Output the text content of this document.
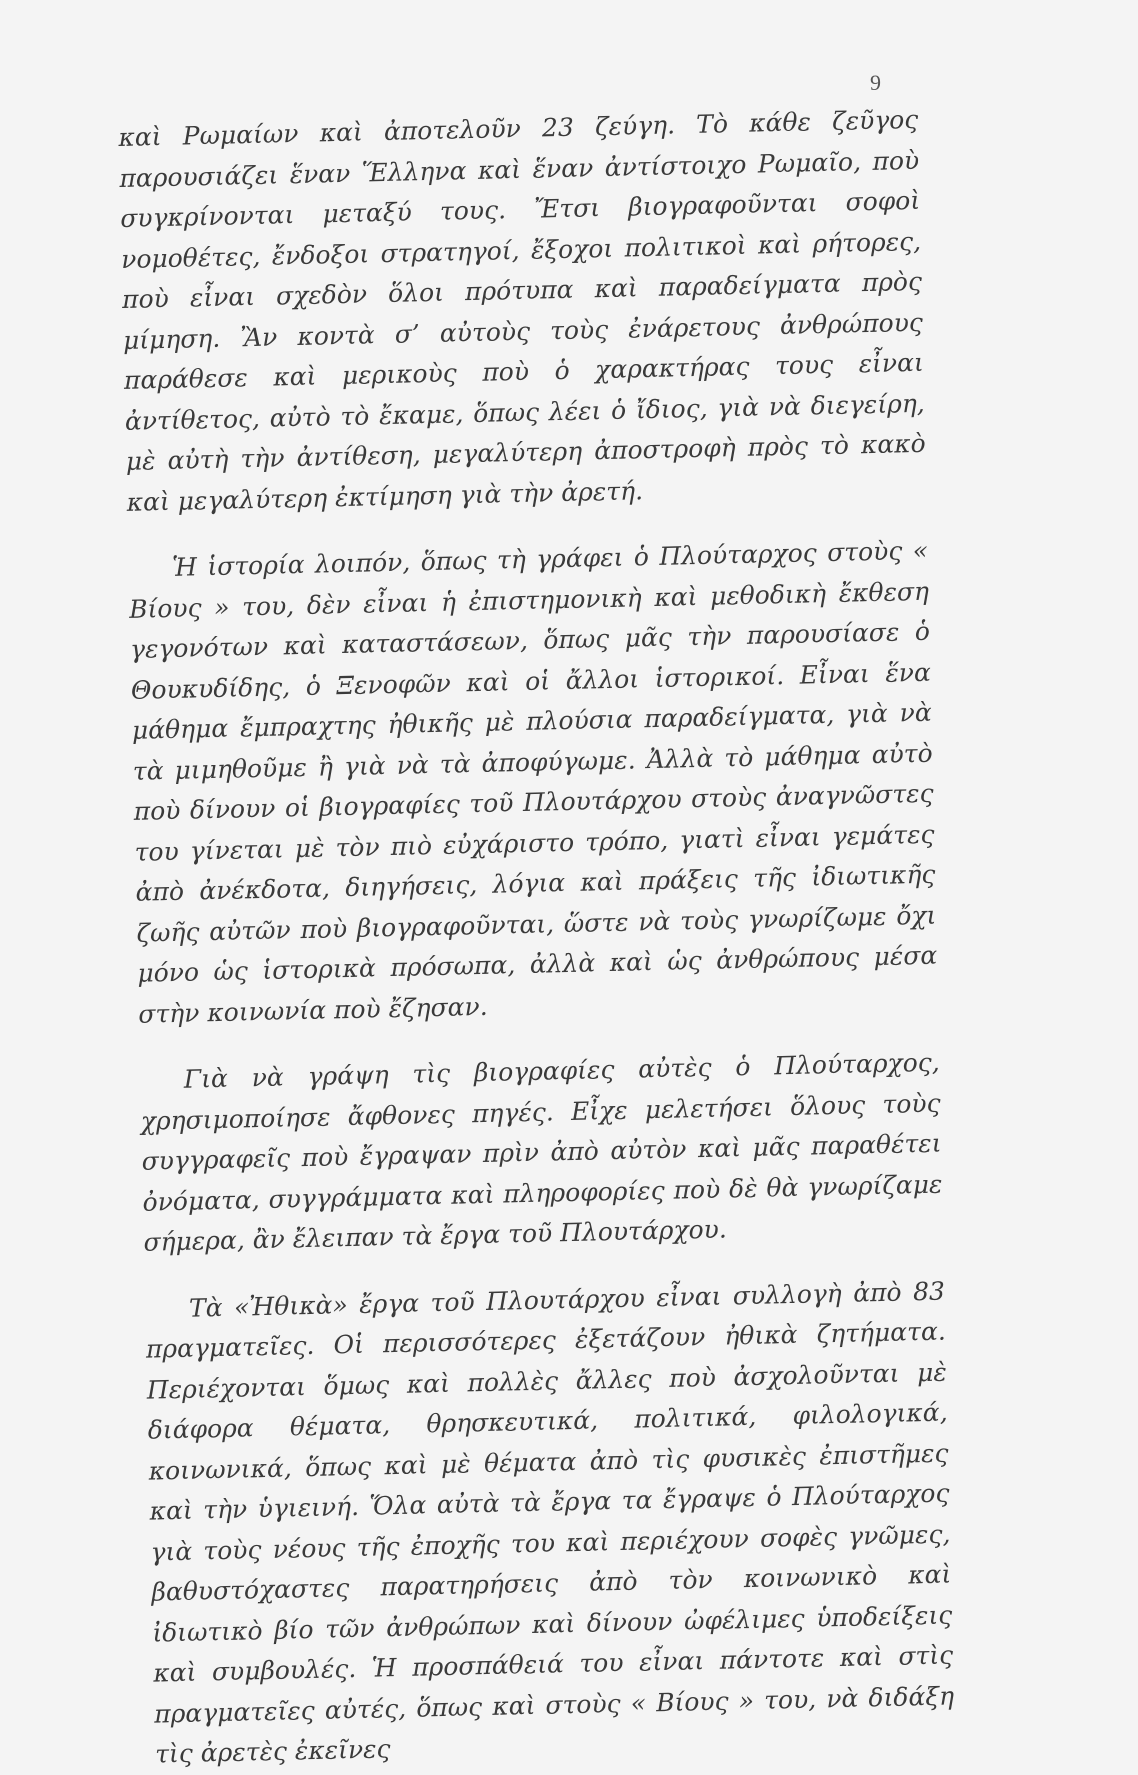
9

καὶ Ρωμαίων καὶ ἀποτελοῦν 23 ζεύγη. Τὸ κάθε ζεῦγος παρουσιάζει ἕναν Ἕλληνα καὶ ἕναν ἀντίστοιχο Ρωμαῖο, ποὺ συγκρίνονται μεταξύ τους. Ἔτσι βιογραφοῦνται σοφοὶ νομοθέτες, ἔνδοξοι στρατηγοί, ἔξοχοι πολιτικοὶ καὶ ρήτορες, ποὺ εἶναι σχεδὸν ὅλοι πρότυπα καὶ παραδείγματα πρὸς μίμηση. Ἂν κοντὰ σ’ αὐτοὺς τοὺς ἐνάρετους ἀνθρώπους παράθεσε καὶ μερικοὺς ποὺ ὁ χαρακτήρας τους εἶναι ἀντίθετος, αὐτὸ τὸ ἔκαμε, ὅπως λέει ὁ ἴδιος, γιὰ νὰ διεγείρη, μὲ αὐτὴ τὴν ἀντίθεση, μεγαλύτερη ἀποστροφὴ πρὸς τὸ κακὸ καὶ μεγαλύτερη ἐκτίμηση γιὰ τὴν ἀρετή.

Ἡ ἱστορία λοιπόν, ὅπως τὴ γράφει ὁ Πλούταρχος στοὺς « Βίους » του, δὲν εἶναι ἡ ἐπιστημονικὴ καὶ μεθοδικὴ ἔκθεση γεγονότων καὶ καταστάσεων, ὅπως μᾶς τὴν παρουσίασε ὁ Θουκυδίδης, ὁ Ξενοφῶν καὶ οἱ ἄλλοι ἱστορικοί. Εἶναι ἕνα μάθημα ἔμπραχτης ἠθικῆς μὲ πλούσια παραδείγματα, γιὰ νὰ τὰ μιμηθοῦμε ἢ γιὰ νὰ τὰ ἀποφύγωμε. Ἀλλὰ τὸ μάθημα αὐτὸ ποὺ δίνουν οἱ βιογραφίες τοῦ Πλουτάρχου στοὺς ἀναγνῶστες του γίνεται μὲ τὸν πιὸ εὐχάριστο τρόπο, γιατὶ εἶναι γεμάτες ἀπὸ ἀνέκδοτα, διηγήσεις, λόγια καὶ πράξεις τῆς ἰδιωτικῆς ζωῆς αὐτῶν ποὺ βιογραφοῦνται, ὥστε νὰ τοὺς γνωρίζωμε ὄχι μόνο ὡς ἱστορικὰ πρόσωπα, ἀλλὰ καὶ ὡς ἀνθρώπους μέσα στὴν κοινωνία ποὺ ἔζησαν.

Γιὰ νὰ γράψη τὶς βιογραφίες αὐτὲς ὁ Πλούταρχος, χρησιμοποίησε ἄφθονες πηγές. Εἶχε μελετήσει ὅλους τοὺς συγγραφεῖς ποὺ ἔγραψαν πρὶν ἀπὸ αὐτὸν καὶ μᾶς παραθέτει ὀνόματα, συγγράμματα καὶ πληροφορίες ποὺ δὲ θὰ γνωρίζαμε σήμερα, ἂν ἔλειπαν τὰ ἔργα τοῦ Πλουτάρχου.

Τὰ «Ἠθικὰ» ἔργα τοῦ Πλουτάρχου εἶναι συλλογὴ ἀπὸ 83 πραγματεῖες. Οἱ περισσότερες ἐξετάζουν ἠθικὰ ζητήματα. Περιέχονται ὅμως καὶ πολλὲς ἄλλες ποὺ ἀσχολοῦνται μὲ διάφορα θέματα, θρησκευτικά, πολιτικά, φιλολογικά, κοινωνικά, ὅπως καὶ μὲ θέματα ἀπὸ τὶς φυσικὲς ἐπιστῆμες καὶ τὴν ὑγιεινή. Ὅλα αὐτὰ τὰ ἔργα τα ἔγραψε ὁ Πλούταρχος γιὰ τοὺς νέους τῆς ἐποχῆς του καὶ περιέχουν σοφὲς γνῶμες, βαθυστόχαστες παρατηρήσεις ἀπὸ τὸν κοινωνικὸ καὶ ἰδιωτικὸ βίο τῶν ἀνθρώπων καὶ δίνουν ὠφέλιμες ὑποδείξεις καὶ συμβουλές. Ἡ προσπάθειά του εἶναι πάντοτε καὶ στὶς πραγματεῖες αὐτές, ὅπως καὶ στοὺς « Βίους » του, νὰ διδάξη τὶς ἀρετὲς ἐκεῖνες
